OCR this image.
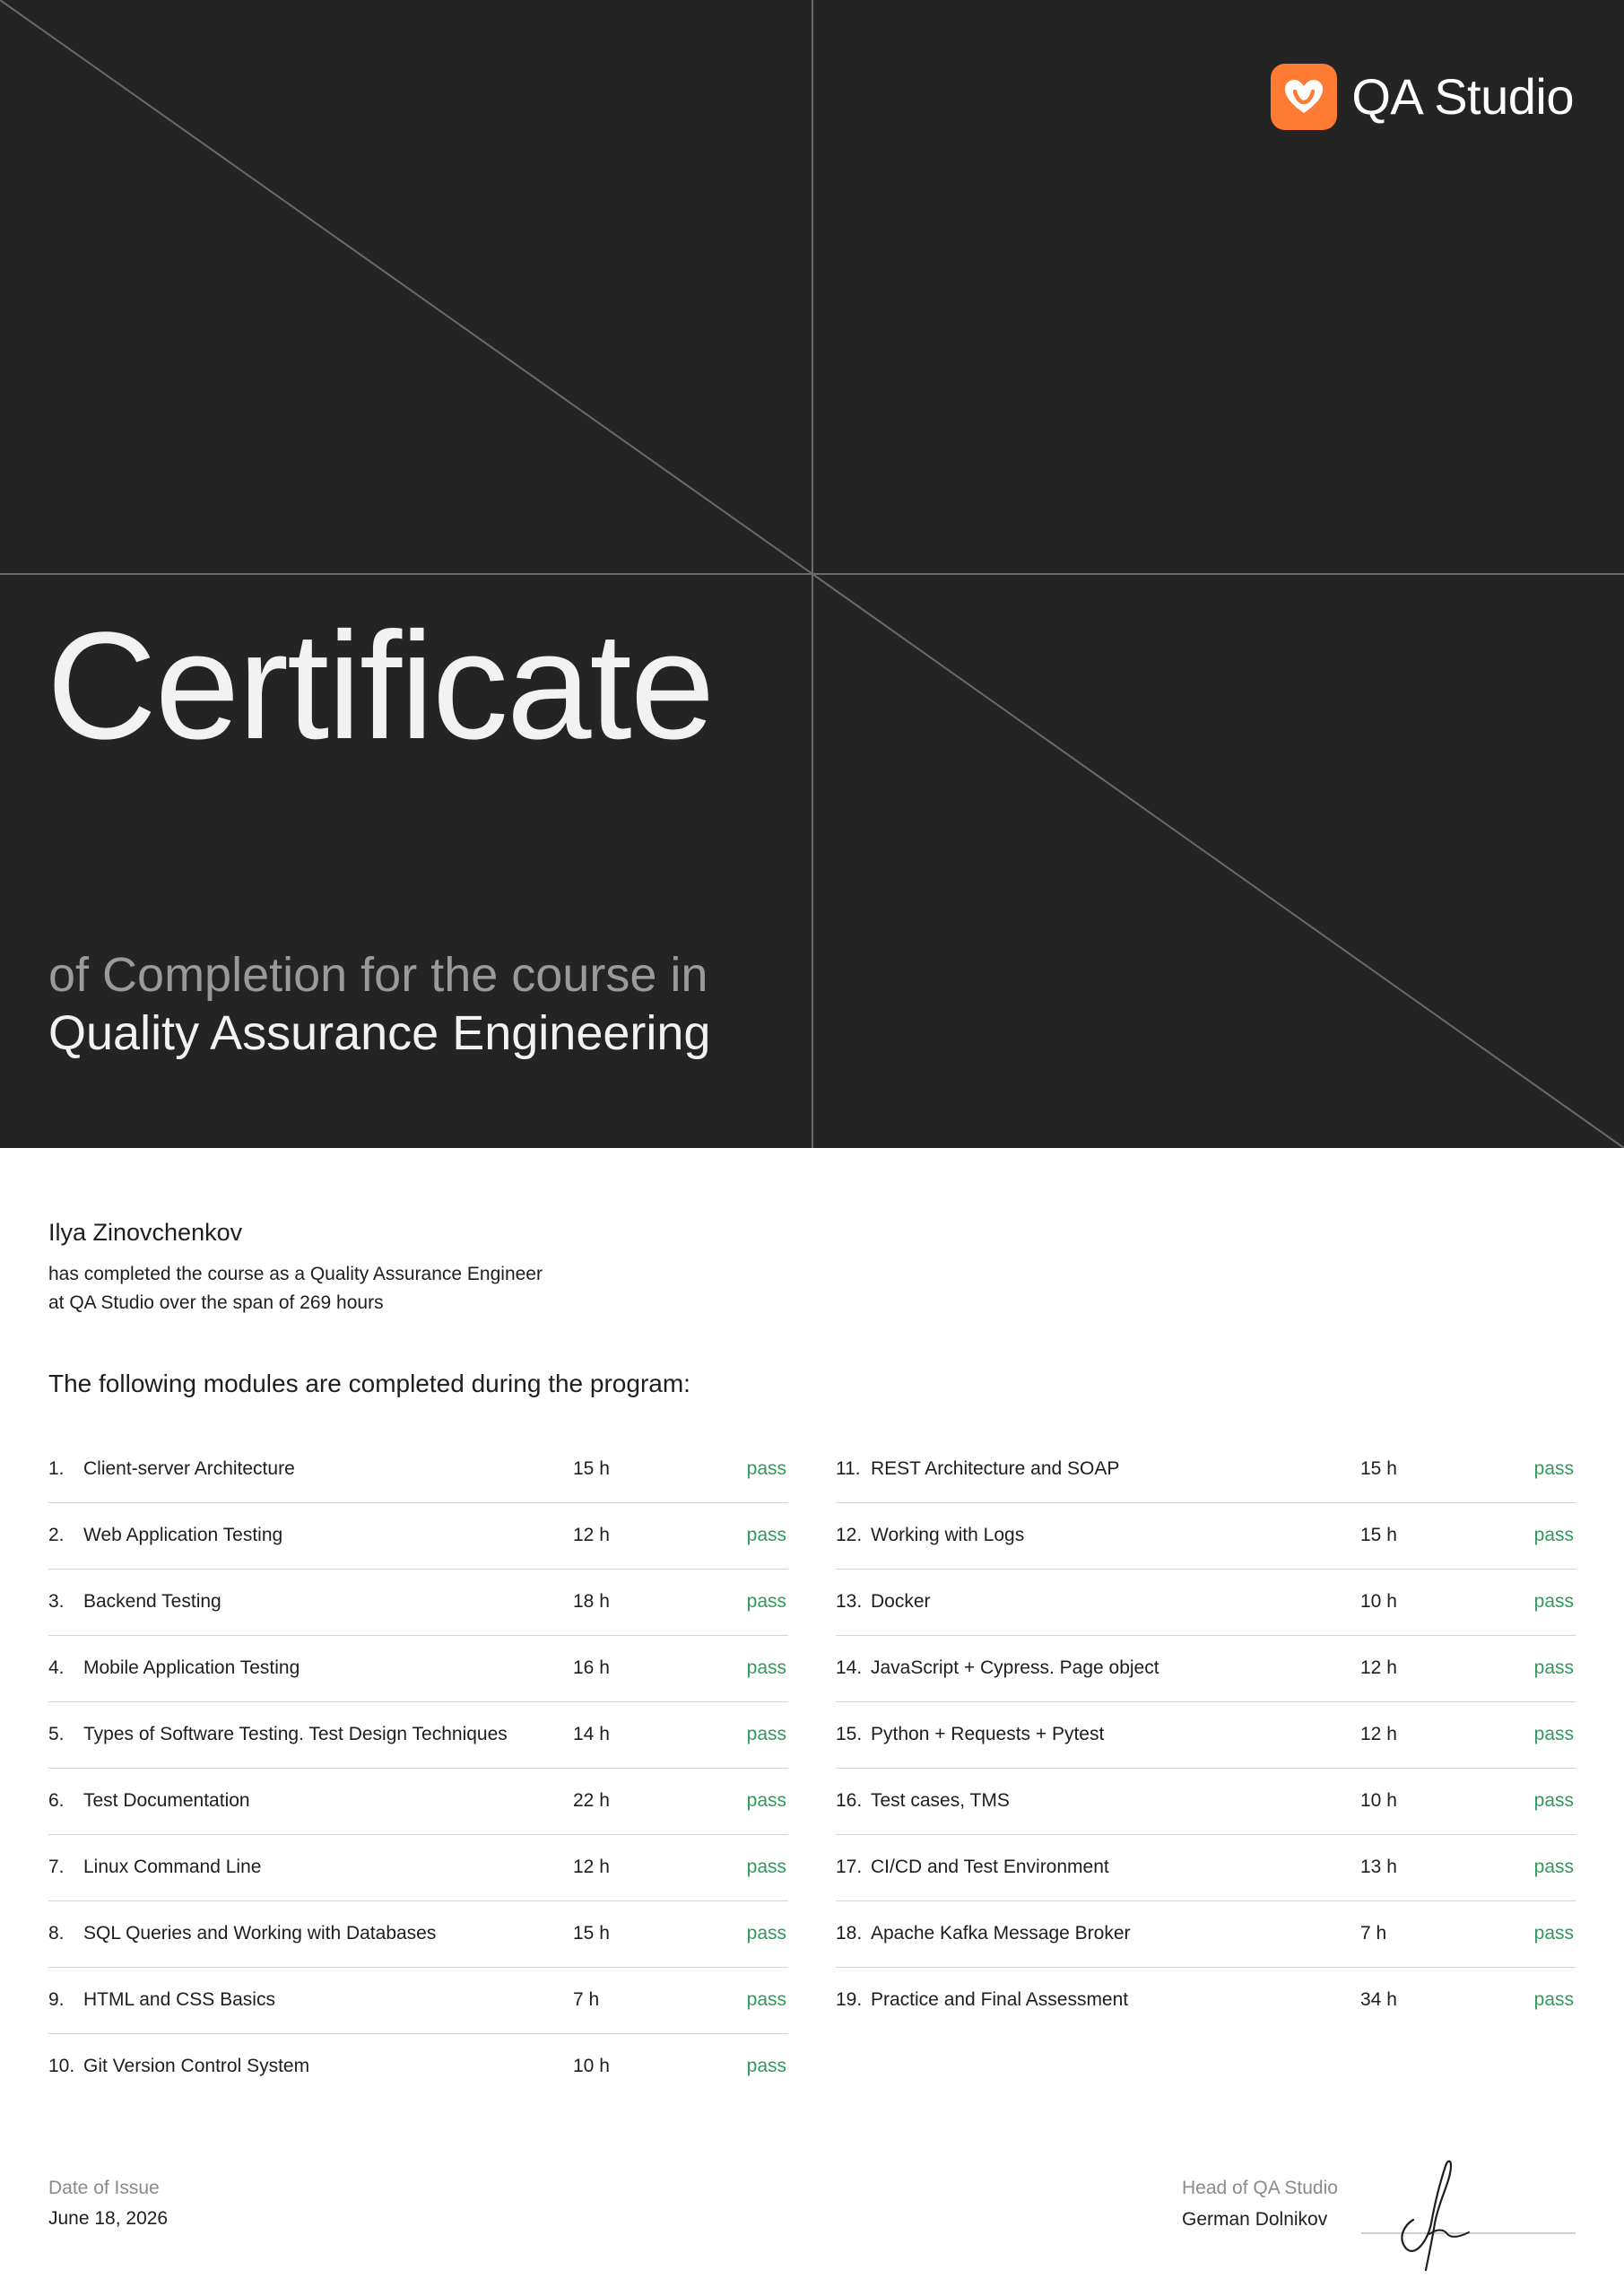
QA Studio
Certificate
of Completion for the course in
Quality Assurance Engineering
Ilya Zinovchenkov
has completed the course as a Quality Assurance Engineer
at QA Studio over the span of 269 hours
The following modules are completed during the program:
1. Client-server Architecture	15 h	pass
2. Web Application Testing	12 h	pass
3. Backend Testing	18 h	pass
4. Mobile Application Testing	16 h	pass
5. Types of Software Testing. Test Design Techniques	14 h	pass
6. Test Documentation	22 h	pass
7. Linux Command Line	12 h	pass
8. SQL Queries and Working with Databases	15 h	pass
9. HTML and CSS Basics	7 h	pass
10. Git Version Control System	10 h	pass
11. REST Architecture and SOAP	15 h	pass
12. Working with Logs	15 h	pass
13. Docker	10 h	pass
14. JavaScript + Cypress. Page object	12 h	pass
15. Python + Requests + Pytest	12 h	pass
16. Test cases, TMS	10 h	pass
17. CI/CD and Test Environment	13 h	pass
18. Apache Kafka Message Broker	7 h	pass
19. Practice and Final Assessment	34 h	pass
Date of Issue
June 18, 2026
Head of QA Studio
German Dolnikov
